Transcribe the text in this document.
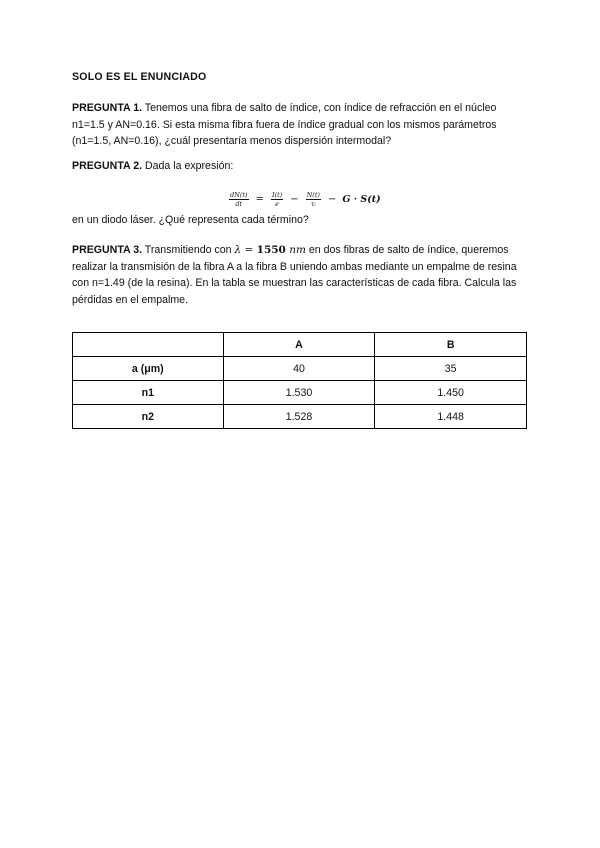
SOLO ES EL ENUNCIADO
PREGUNTA 1. Tenemos una fibra de salto de índice, con índice de refracción en el núcleo n1=1.5 y AN=0.16. Si esta misma fibra fuera de índice gradual con los mismos parámetros (n1=1.5, AN=0.16), ¿cuál presentaría menos dispersión intermodal?
PREGUNTA 2. Dada la expresión:
$\frac{dN(t)}{dt} = \frac{I(t)}{e} - \frac{N(t)}{\text{τᵢ}} - G \cdot S(t)$
en un diodo láser. ¿Qué representa cada término?
PREGUNTA 3. Transmitiendo con λ = 1550 nm en dos fibras de salto de índice, queremos realizar la transmisión de la fibra A a la fibra B uniendo ambas mediante un empalme de resina con n=1.49 (de la resina). En la tabla se muestran las características de cada fibra. Calcula las pérdidas en el empalme.
	A	B
a (μm)	40	35
n1	1.530	1.450
n2	1.528	1.448
